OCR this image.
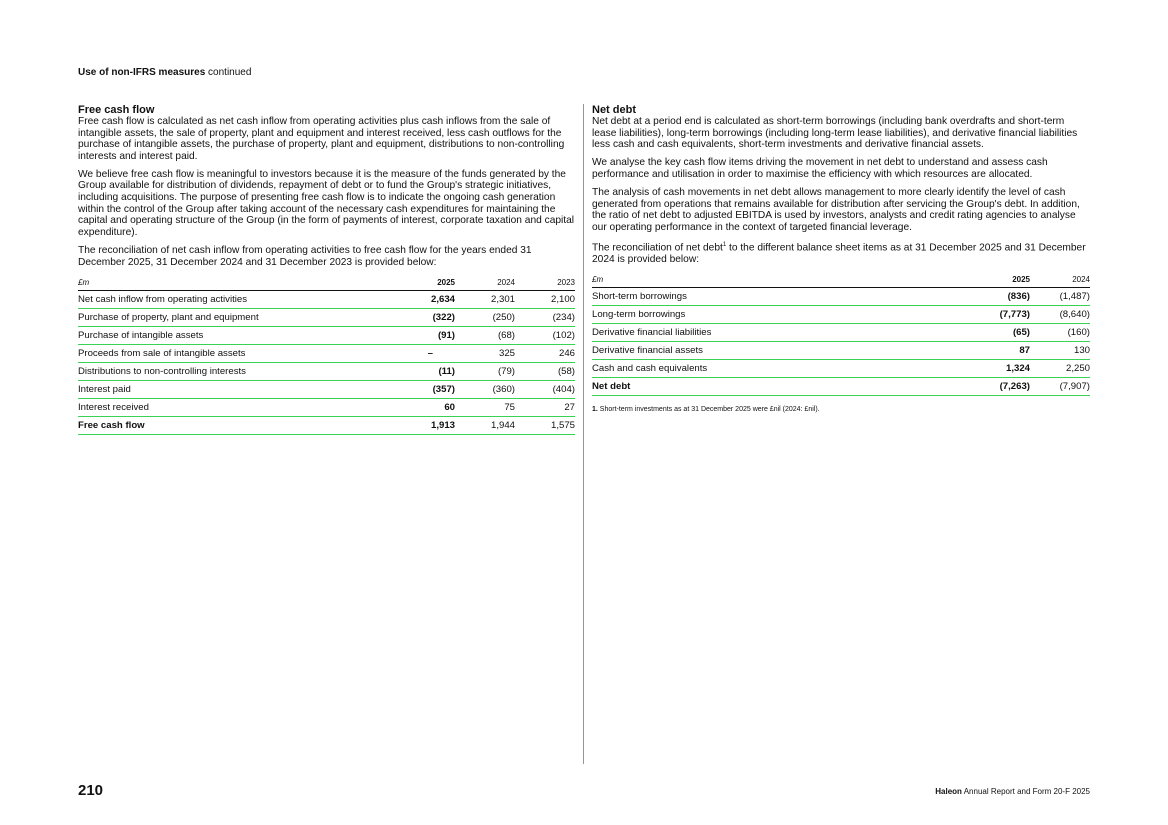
Use of non-IFRS measures continued
Free cash flow

Free cash flow is calculated as net cash inflow from operating activities plus cash inflows from the sale of intangible assets, the sale of property, plant and equipment and interest received, less cash outflows for the purchase of intangible assets, the purchase of property, plant and equipment, distributions to non-controlling interests and interest paid.

We believe free cash flow is meaningful to investors because it is the measure of the funds generated by the Group available for distribution of dividends, repayment of debt or to fund the Group's strategic initiatives, including acquisitions. The purpose of presenting free cash flow is to indicate the ongoing cash generation within the control of the Group after taking account of the necessary cash expenditures for maintaining the capital and operating structure of the Group (in the form of payments of interest, corporate taxation and capital expenditure).

The reconciliation of net cash inflow from operating activities to free cash flow for the years ended 31 December 2025, 31 December 2024 and 31 December 2023 is provided below:

£m	2025	2024	2023
Net cash inflow from operating activities	2,634	2,301	2,100
Purchase of property, plant and equipment	(322)	(250)	(234)
Purchase of intangible assets	(91)	(68)	(102)
Proceeds from sale of intangible assets	–	325	246
Distributions to non-controlling interests	(11)	(79)	(58)
Interest paid	(357)	(360)	(404)
Interest received	60	75	27
Free cash flow	1,913	1,944	1,575
Net debt

Net debt at a period end is calculated as short-term borrowings (including bank overdrafts and short-term lease liabilities), long-term borrowings (including long-term lease liabilities), and derivative financial liabilities less cash and cash equivalents, short-term investments and derivative financial assets.

We analyse the key cash flow items driving the movement in net debt to understand and assess cash performance and utilisation in order to maximise the efficiency with which resources are allocated.

The analysis of cash movements in net debt allows management to more clearly identify the level of cash generated from operations that remains available for distribution after servicing the Group's debt. In addition, the ratio of net debt to adjusted EBITDA is used by investors, analysts and credit rating agencies to analyse our operating performance in the context of targeted financial leverage.

The reconciliation of net debt$^1$ to the different balance sheet items as at 31 December 2025 and 31 December 2024 is provided below:

£m	2025	2024
Short-term borrowings	(836)	(1,487)
Long-term borrowings	(7,773)	(8,640)
Derivative financial liabilities	(65)	(160)
Derivative financial assets	87	130
Cash and cash equivalents	1,324	2,250
Net debt	(7,263)	(7,907)
1. Short-term investments as at 31 December 2025 were £nil (2024: £nil).
210	Haleon Annual Report and Form 20-F 2025
